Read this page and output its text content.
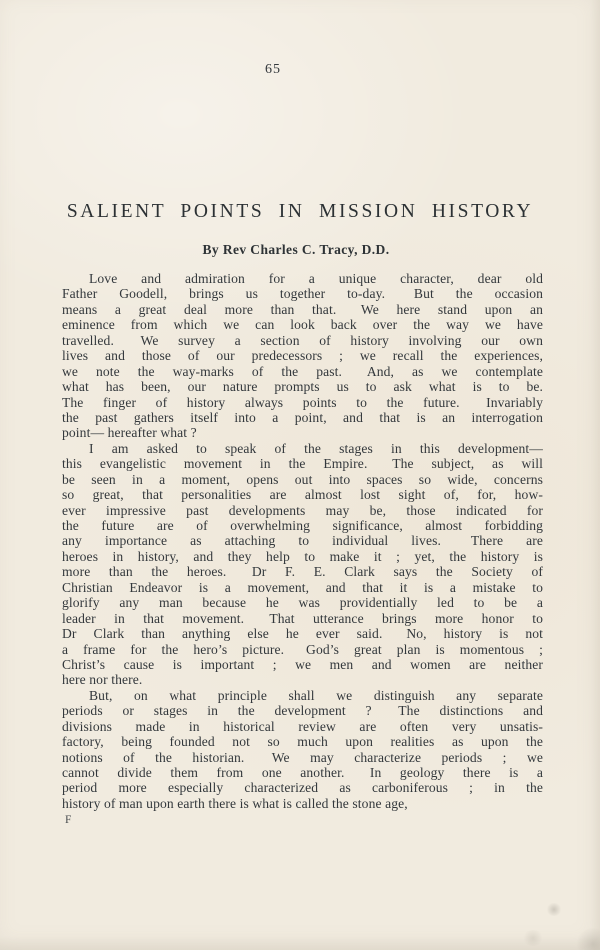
65
SALIENT POINTS IN MISSION HISTORY
By Rev Charles C. Tracy, D.D.
Love and admiration for a unique character, dear old
Father Goodell, brings us together to-day.  But the occasion
means a great deal more than that.  We here stand upon an
eminence from which we can look back over the way we have
travelled.  We survey a section of history involving our own
lives and those of our predecessors ; we recall the experiences,
we note the way-marks of the past.  And, as we contemplate
what has been, our nature prompts us to ask what is to be.
The finger of history always points to the future.  Invariably
the past gathers itself into a point, and that is an interrogation
point— hereafter what ?
I am asked to speak of the stages in this development—
this evangelistic movement in the Empire.  The subject, as will
be seen in a moment, opens out into spaces so wide, concerns
so great, that personalities are almost lost sight of, for, how-
ever impressive past developments may be, those indicated for
the future are of overwhelming significance, almost forbidding
any importance as attaching to individual lives.  There are
heroes in history, and they help to make it ; yet, the history is
more than the heroes.  Dr F. E. Clark says the Society of
Christian Endeavor is a movement, and that it is a mistake to
glorify any man because he was providentially led to be a
leader in that movement.  That utterance brings more honor to
Dr Clark than anything else he ever said.  No, history is not
a frame for the hero’s picture.  God’s great plan is momentous ;
Christ’s cause is important ; we men and women are neither
here nor there.
But, on what principle shall we distinguish any separate
periods or stages in the development ?  The distinctions and
divisions made in historical review are often very unsatis-
factory, being founded not so much upon realities as upon the
notions of the historian.  We may characterize periods ; we
cannot divide them from one another.  In geology there is a
period more especially characterized as carboniferous ; in the
history of man upon earth there is what is called the stone age,
F
